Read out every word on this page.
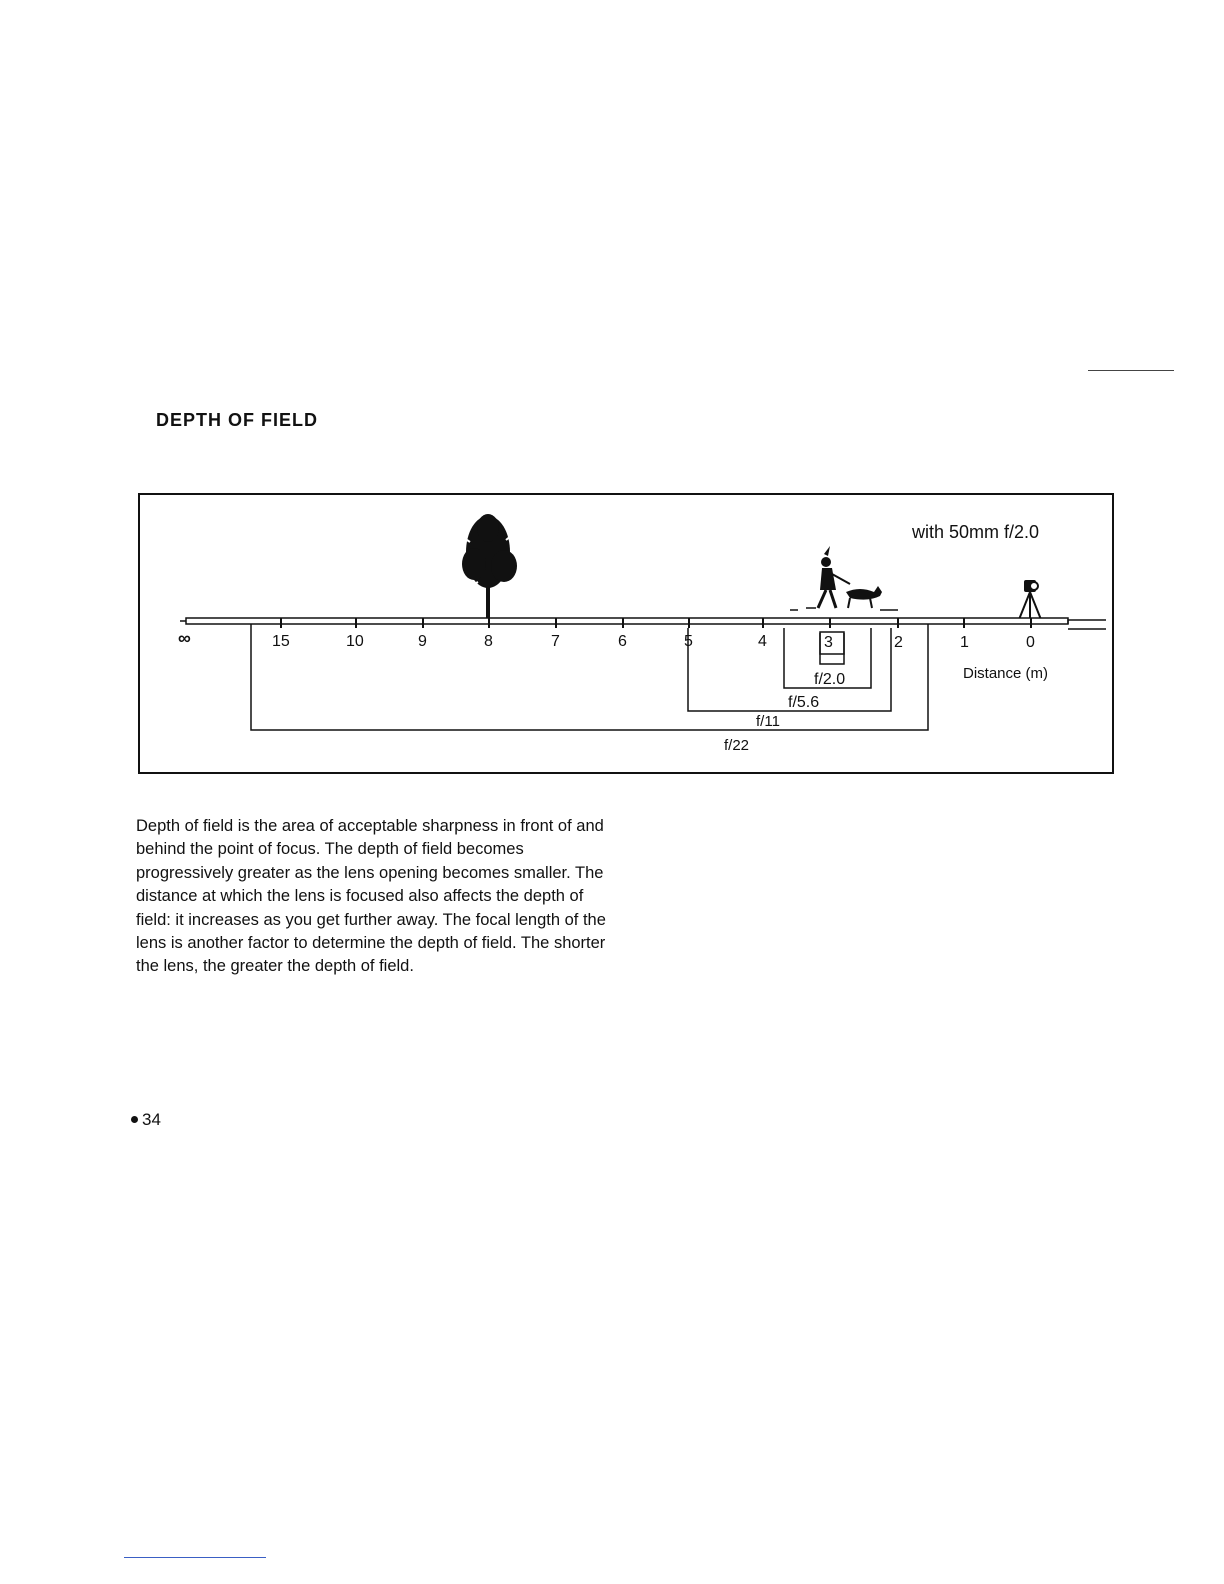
DEPTH OF FIELD
with 50mm f/2.0
∞	15	10	9	8	7	6	5	4	3	2	1	0
Distance (m)
f/2.0
f/5.6
f/11
f/22

Depth of field is the area of acceptable sharpness in front of and behind the point of focus. The depth of field becomes progressively greater as the lens opening becomes smaller. The distance at which the lens is focused also affects the depth of field: it increases as you get further away. The focal length of the lens is another factor to determine the depth of field. The shorter the lens, the greater the depth of field.

34
